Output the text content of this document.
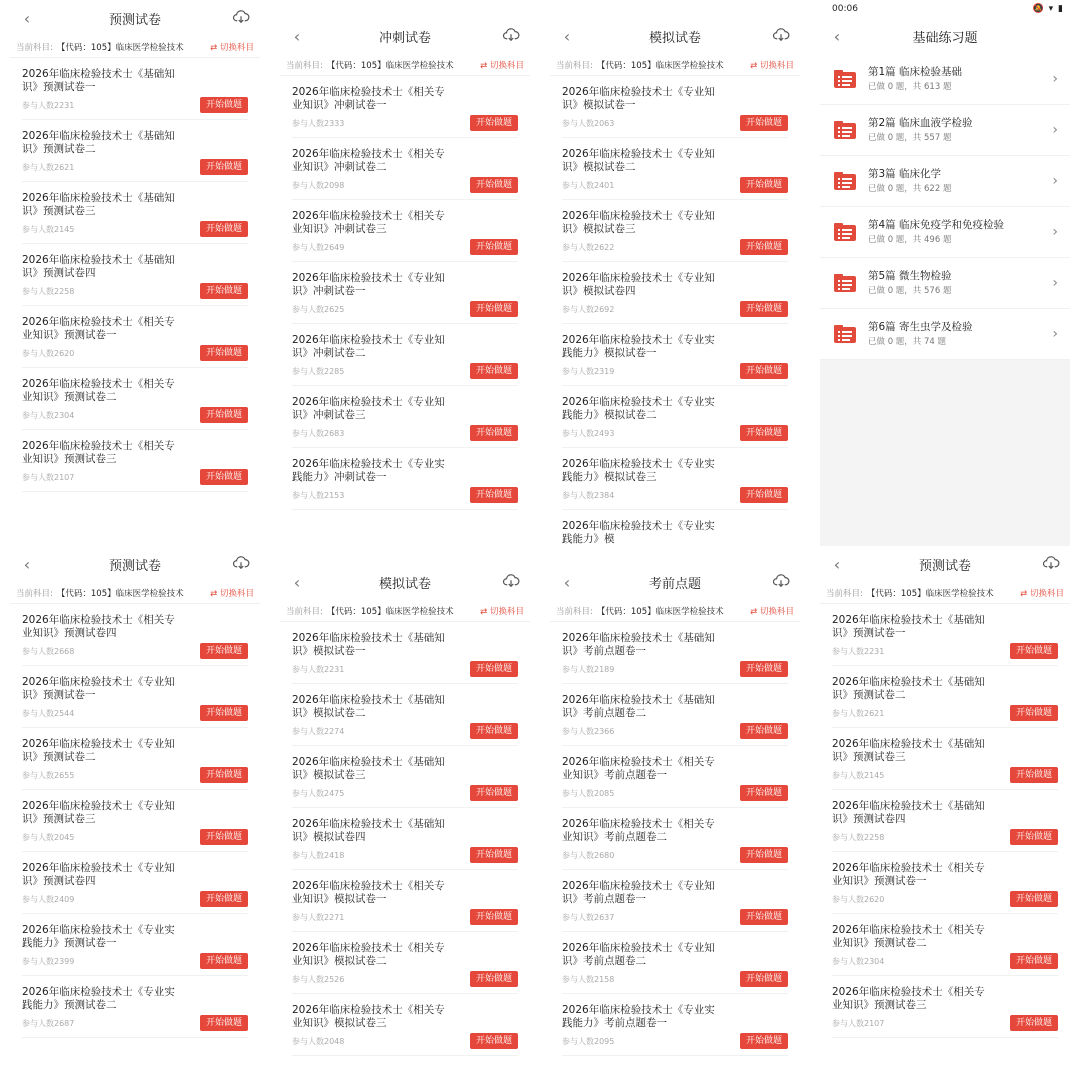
‹	预测试卷
当前科目: 【代码：105】临床医学检验技术	⇄ 切换科目
2026年临床检验技术士《基础知识》预测试卷一
参与人数2231	开始做题
2026年临床检验技术士《基础知识》预测试卷二
参与人数2621	开始做题
2026年临床检验技术士《基础知识》预测试卷三
参与人数2145	开始做题
2026年临床检验技术士《基础知识》预测试卷四
参与人数2258	开始做题
2026年临床检验技术士《相关专业知识》预测试卷一
参与人数2620	开始做题
2026年临床检验技术士《相关专业知识》预测试卷二
参与人数2304	开始做题
2026年临床检验技术士《相关专业知识》预测试卷三
参与人数2107	开始做题
‹	冲刺试卷
当前科目: 【代码：105】临床医学检验技术	⇄ 切换科目
2026年临床检验技术士《相关专业知识》冲刺试卷一
参与人数2333	开始做题
2026年临床检验技术士《相关专业知识》冲刺试卷二
参与人数2098	开始做题
2026年临床检验技术士《相关专业知识》冲刺试卷三
参与人数2649	开始做题
2026年临床检验技术士《专业知识》冲刺试卷一
参与人数2625	开始做题
2026年临床检验技术士《专业知识》冲刺试卷二
参与人数2285	开始做题
2026年临床检验技术士《专业知识》冲刺试卷三
参与人数2683	开始做题
2026年临床检验技术士《专业实践能力》冲刺试卷一
参与人数2153	开始做题
‹	模拟试卷
当前科目: 【代码：105】临床医学检验技术	⇄ 切换科目
2026年临床检验技术士《专业知识》模拟试卷一
参与人数2063	开始做题
2026年临床检验技术士《专业知识》模拟试卷二
参与人数2401	开始做题
2026年临床检验技术士《专业知识》模拟试卷三
参与人数2622	开始做题
2026年临床检验技术士《专业知识》模拟试卷四
参与人数2692	开始做题
2026年临床检验技术士《专业实践能力》模拟试卷一
参与人数2319	开始做题
2026年临床检验技术士《专业实践能力》模拟试卷二
参与人数2493	开始做题
2026年临床检验技术士《专业实践能力》模拟试卷三
参与人数2384	开始做题
2026年临床检验技术士《专业实践能力》模
00:06	🔕 ▾ ▮
‹	基础练习题
第1篇 临床检验基础
已做 0 题，共 613 题	›
第2篇 临床血液学检验
已做 0 题，共 557 题	›
第3篇 临床化学
已做 0 题，共 622 题	›
第4篇 临床免疫学和免疫检验
已做 0 题，共 496 题	›
第5篇 微生物检验
已做 0 题，共 576 题	›
第6篇 寄生虫学及检验
已做 0 题，共 74 题	›
‹	预测试卷
当前科目: 【代码：105】临床医学检验技术	⇄ 切换科目
2026年临床检验技术士《相关专业知识》预测试卷四
参与人数2668	开始做题
2026年临床检验技术士《专业知识》预测试卷一
参与人数2544	开始做题
2026年临床检验技术士《专业知识》预测试卷二
参与人数2655	开始做题
2026年临床检验技术士《专业知识》预测试卷三
参与人数2045	开始做题
2026年临床检验技术士《专业知识》预测试卷四
参与人数2409	开始做题
2026年临床检验技术士《专业实践能力》预测试卷一
参与人数2399	开始做题
2026年临床检验技术士《专业实践能力》预测试卷二
参与人数2687	开始做题
‹	模拟试卷
当前科目: 【代码：105】临床医学检验技术	⇄ 切换科目
2026年临床检验技术士《基础知识》模拟试卷一
参与人数2231	开始做题
2026年临床检验技术士《基础知识》模拟试卷二
参与人数2274	开始做题
2026年临床检验技术士《基础知识》模拟试卷三
参与人数2475	开始做题
2026年临床检验技术士《基础知识》模拟试卷四
参与人数2418	开始做题
2026年临床检验技术士《相关专业知识》模拟试卷一
参与人数2271	开始做题
2026年临床检验技术士《相关专业知识》模拟试卷二
参与人数2526	开始做题
2026年临床检验技术士《相关专业知识》模拟试卷三
参与人数2048	开始做题
‹	考前点题
当前科目: 【代码：105】临床医学检验技术	⇄ 切换科目
2026年临床检验技术士《基础知识》考前点题卷一
参与人数2189	开始做题
2026年临床检验技术士《基础知识》考前点题卷二
参与人数2366	开始做题
2026年临床检验技术士《相关专业知识》考前点题卷一
参与人数2085	开始做题
2026年临床检验技术士《相关专业知识》考前点题卷二
参与人数2680	开始做题
2026年临床检验技术士《专业知识》考前点题卷一
参与人数2637	开始做题
2026年临床检验技术士《专业知识》考前点题卷二
参与人数2158	开始做题
2026年临床检验技术士《专业实践能力》考前点题卷一
参与人数2095	开始做题
‹	预测试卷
当前科目: 【代码：105】临床医学检验技术	⇄ 切换科目
2026年临床检验技术士《基础知识》预测试卷一
参与人数2231	开始做题
2026年临床检验技术士《基础知识》预测试卷二
参与人数2621	开始做题
2026年临床检验技术士《基础知识》预测试卷三
参与人数2145	开始做题
2026年临床检验技术士《基础知识》预测试卷四
参与人数2258	开始做题
2026年临床检验技术士《相关专业知识》预测试卷一
参与人数2620	开始做题
2026年临床检验技术士《相关专业知识》预测试卷二
参与人数2304	开始做题
2026年临床检验技术士《相关专业知识》预测试卷三
参与人数2107	开始做题
